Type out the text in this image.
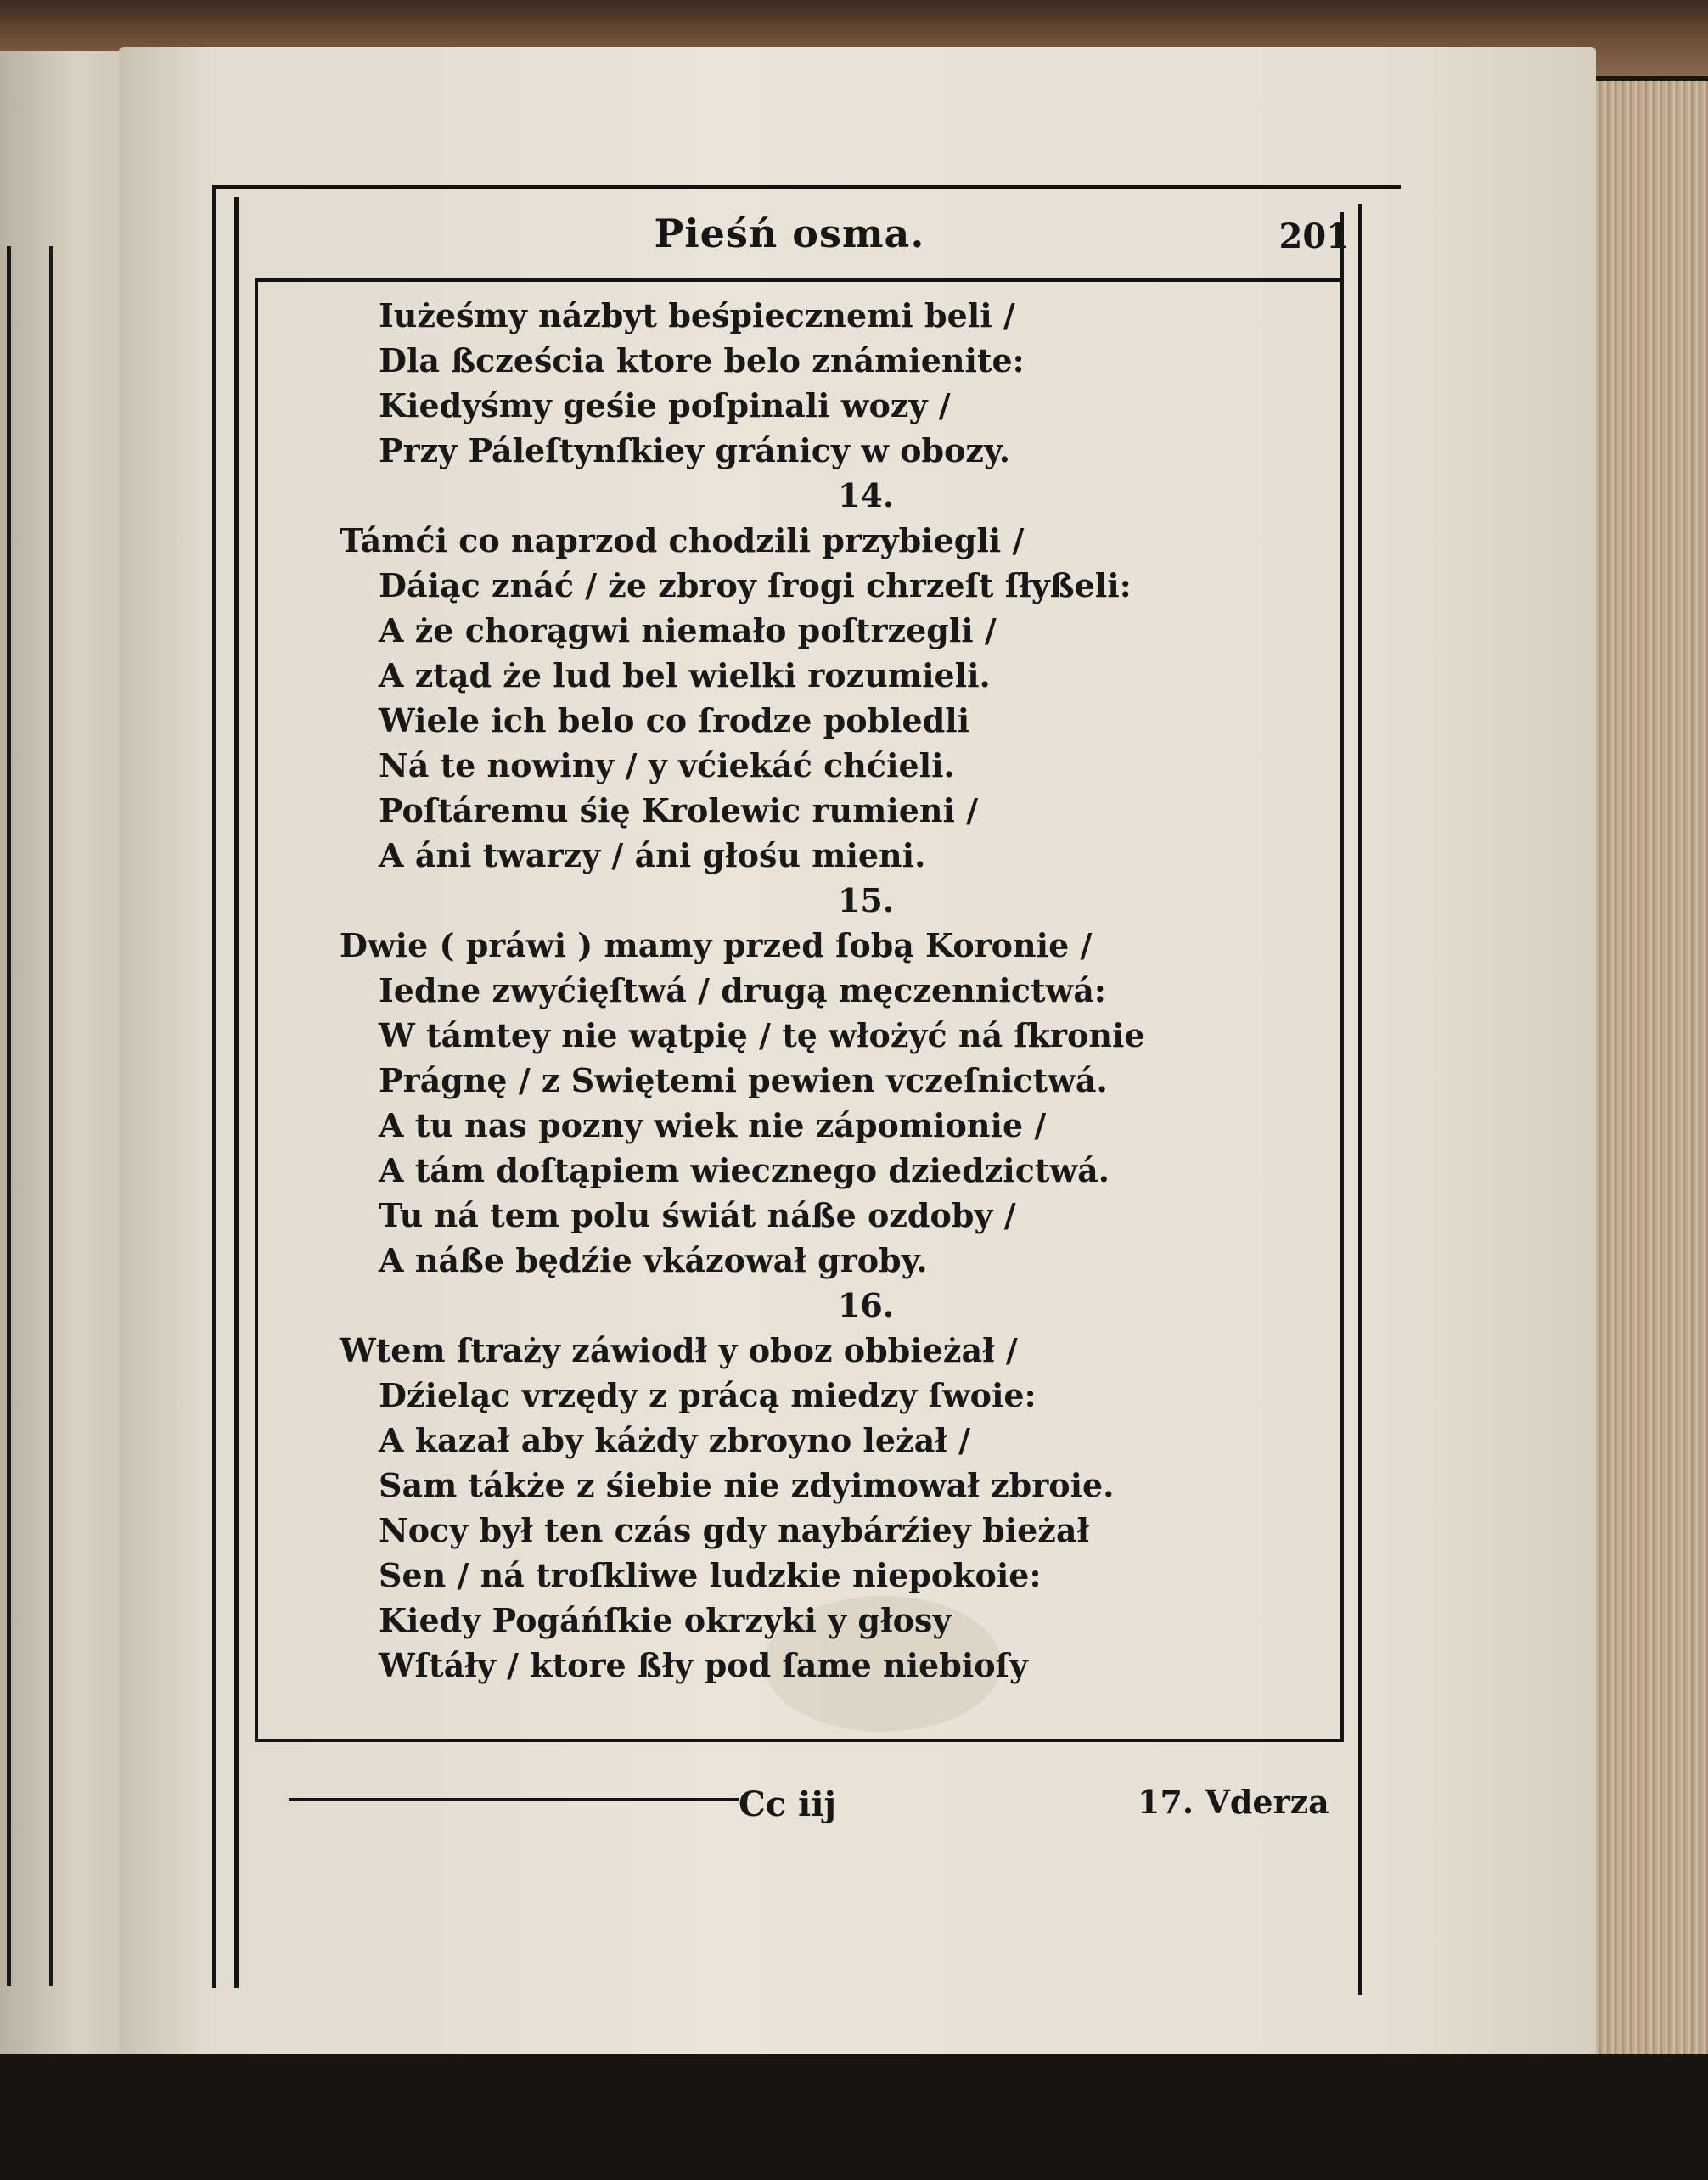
Pieśń osma.	201
Iużeśmy názbyt beśpiecznemi beli /
Dla ßcześcia ktore belo známienite:
Kiedyśmy geśie poſpinali wozy /
Przy Páleſtynſkiey gránicy w obozy.
14.
Támći co naprzod chodzili przybiegli /
Dáiąc znáć / że zbroy ſrogi chrzeſt ſłyßeli:
A że chorągwi niemało poſtrzegli /
A ztąd że lud bel wielki rozumieli.
Wiele ich belo co ſrodze pobledli
Ná te nowiny / y vćiekáć chćieli.
Poſtáremu śię Krolewic rumieni /
A áni twarzy / áni głośu mieni.
15.
Dwie ( práwi ) mamy przed ſobą Koronie /
Iedne zwyćięſtwá / drugą męczennictwá:
W támtey nie wątpię / tę włożyć ná ſkronie
Prágnę / z Swiętemi pewien vczeſnictwá.
A tu nas pozny wiek nie zápomionie /
A tám doſtąpiem wiecznego dziedzictwá.
Tu ná tem polu świát náße ozdoby /
A náße będźie vkázował groby.
16.
Wtem ſtraży záwiodł y oboz obbieżał /
Dźieląc vrzędy z prácą miedzy ſwoie:
A kazał aby káżdy zbroyno leżał /
Sam tákże z śiebie nie zdyimował zbroie.
Nocy był ten czás gdy naybárźiey bieżał
Sen / ná troſkliwe ludzkie niepokoie:
Kiedy Pogáńſkie okrzyki y głosy
Wſtáły / ktore ßły pod ſame niebioſy
Cc iij	17. Vderza
